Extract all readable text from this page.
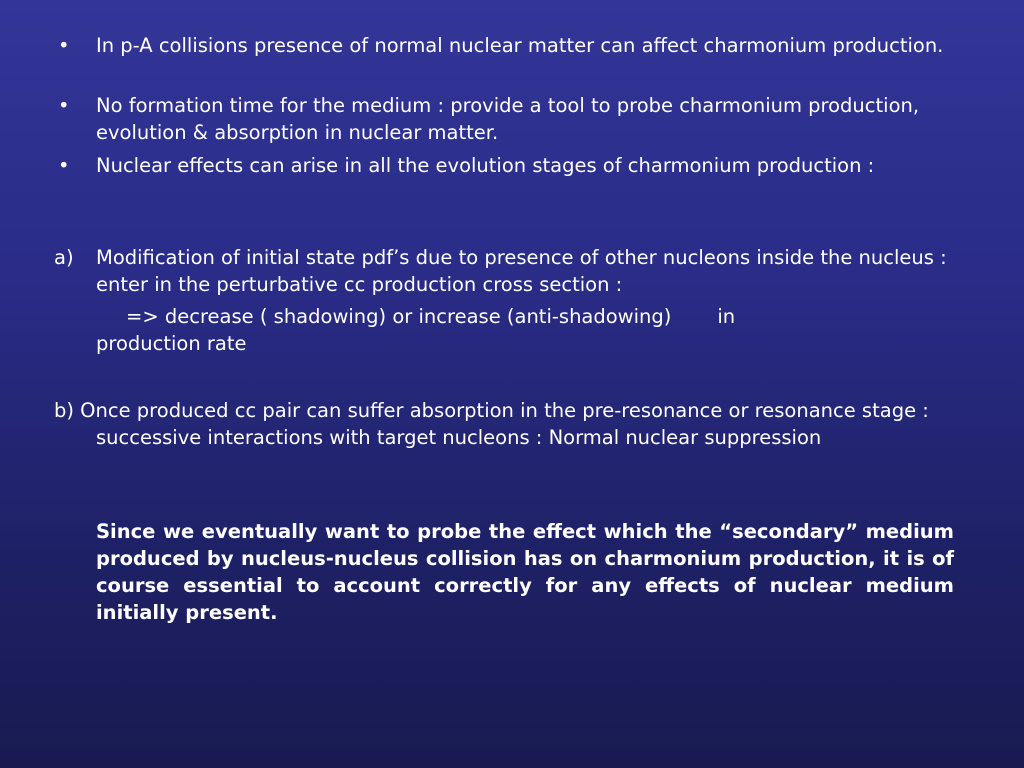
• In p-A collisions presence of normal nuclear matter can affect charmonium production.
• No formation time for the medium : provide a tool to probe charmonium production, evolution & absorption in nuclear matter.
• Nuclear effects can arise in all the evolution stages of charmonium production :
a) Modification of initial state pdf’s due to presence of other nucleons inside the nucleus : enter in the perturbative cc production cross section :
=> decrease ( shadowing) or increase (anti-shadowing) in
production rate
b) Once produced cc pair can suffer absorption in the pre-resonance or resonance stage : successive interactions with target nucleons : Normal nuclear suppression
Since we eventually want to probe the effect which the “secondary” medium produced by nucleus-nucleus collision has on charmonium production, it is of course essential to account correctly for any effects of nuclear medium initially present.
